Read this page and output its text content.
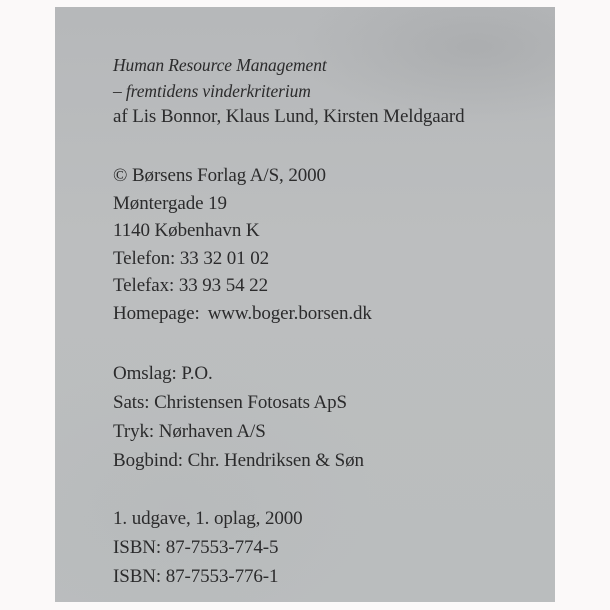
Human Resource Management
– fremtidens vinderkriterium
af Lis Bonnor, Klaus Lund, Kirsten Meldgaard
© Børsens Forlag A/S, 2000
Møntergade 19
1140 København K
Telefon: 33 32 01 02
Telefax: 33 93 54 22
Homepage: www.boger.borsen.dk
Omslag: P.O.
Sats: Christensen Fotosats ApS
Tryk: Nørhaven A/S
Bogbind: Chr. Hendriksen & Søn
1. udgave, 1. oplag, 2000
ISBN: 87-7553-774-5
ISBN: 87-7553-776-1
